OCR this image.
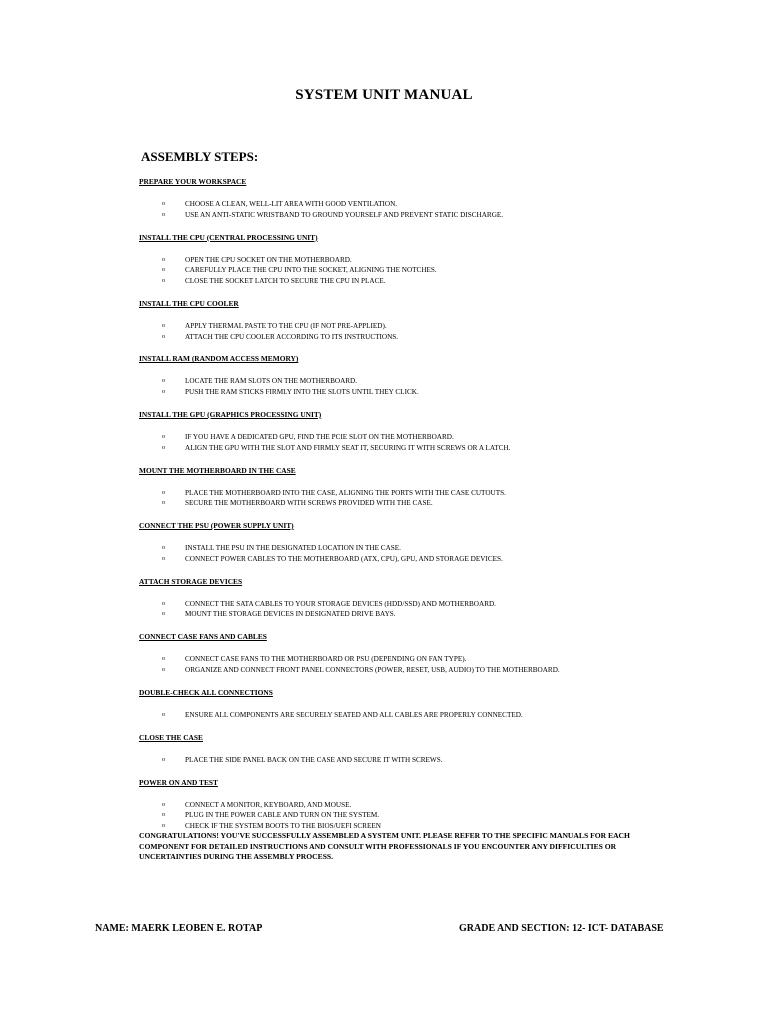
SYSTEM UNIT MANUAL
ASSEMBLY STEPS:
PREPARE YOUR WORKSPACE
o	CHOOSE A CLEAN, WELL-LIT AREA WITH GOOD VENTILATION.
o	USE AN ANTI-STATIC WRISTBAND TO GROUND YOURSELF AND PREVENT STATIC DISCHARGE.
INSTALL THE CPU (CENTRAL PROCESSING UNIT)
o	OPEN THE CPU SOCKET ON THE MOTHERBOARD.
o	CAREFULLY PLACE THE CPU INTO THE SOCKET, ALIGNING THE NOTCHES.
o	CLOSE THE SOCKET LATCH TO SECURE THE CPU IN PLACE.
INSTALL THE CPU COOLER
o	APPLY THERMAL PASTE TO THE CPU (IF NOT PRE-APPLIED).
o	ATTACH THE CPU COOLER ACCORDING TO ITS INSTRUCTIONS.
INSTALL RAM (RANDOM ACCESS MEMORY)
o	LOCATE THE RAM SLOTS ON THE MOTHERBOARD.
o	PUSH THE RAM STICKS FIRMLY INTO THE SLOTS UNTIL THEY CLICK.
INSTALL THE GPU (GRAPHICS PROCESSING UNIT)
o	IF YOU HAVE A DEDICATED GPU, FIND THE PCIE SLOT ON THE MOTHERBOARD.
o	ALIGN THE GPU WITH THE SLOT AND FIRMLY SEAT IT, SECURING IT WITH SCREWS OR A LATCH.
MOUNT THE MOTHERBOARD IN THE CASE
o	PLACE THE MOTHERBOARD INTO THE CASE, ALIGNING THE PORTS WITH THE CASE CUTOUTS.
o	SECURE THE MOTHERBOARD WITH SCREWS PROVIDED WITH THE CASE.
CONNECT THE PSU (POWER SUPPLY UNIT)
o	INSTALL THE PSU IN THE DESIGNATED LOCATION IN THE CASE.
o	CONNECT POWER CABLES TO THE MOTHERBOARD (ATX, CPU), GPU, AND STORAGE DEVICES.
ATTACH STORAGE DEVICES
o	CONNECT THE SATA CABLES TO YOUR STORAGE DEVICES (HDD/SSD) AND MOTHERBOARD.
o	MOUNT THE STORAGE DEVICES IN DESIGNATED DRIVE BAYS.
CONNECT CASE FANS AND CABLES
o	CONNECT CASE FANS TO THE MOTHERBOARD OR PSU (DEPENDING ON FAN TYPE).
o	ORGANIZE AND CONNECT FRONT PANEL CONNECTORS (POWER, RESET, USB, AUDIO) TO THE MOTHERBOARD.
DOUBLE-CHECK ALL CONNECTIONS
o	ENSURE ALL COMPONENTS ARE SECURELY SEATED AND ALL CABLES ARE PROPERLY CONNECTED.
CLOSE THE CASE
o	PLACE THE SIDE PANEL BACK ON THE CASE AND SECURE IT WITH SCREWS.
POWER ON AND TEST
o	CONNECT A MONITOR, KEYBOARD, AND MOUSE.
o	PLUG IN THE POWER CABLE AND TURN ON THE SYSTEM.
o	CHECK IF THE SYSTEM BOOTS TO THE BIOS/UEFI SCREEN
CONGRATULATIONS! YOU'VE SUCCESSFULLY ASSEMBLED A SYSTEM UNIT. PLEASE REFER TO THE SPECIFIC MANUALS FOR EACH COMPONENT FOR DETAILED INSTRUCTIONS AND CONSULT WITH PROFESSIONALS IF YOU ENCOUNTER ANY DIFFICULTIES OR UNCERTAINTIES DURING THE ASSEMBLY PROCESS.
NAME: MAERK LEOBEN E. ROTAP	GRADE AND SECTION: 12- ICT- DATABASE
